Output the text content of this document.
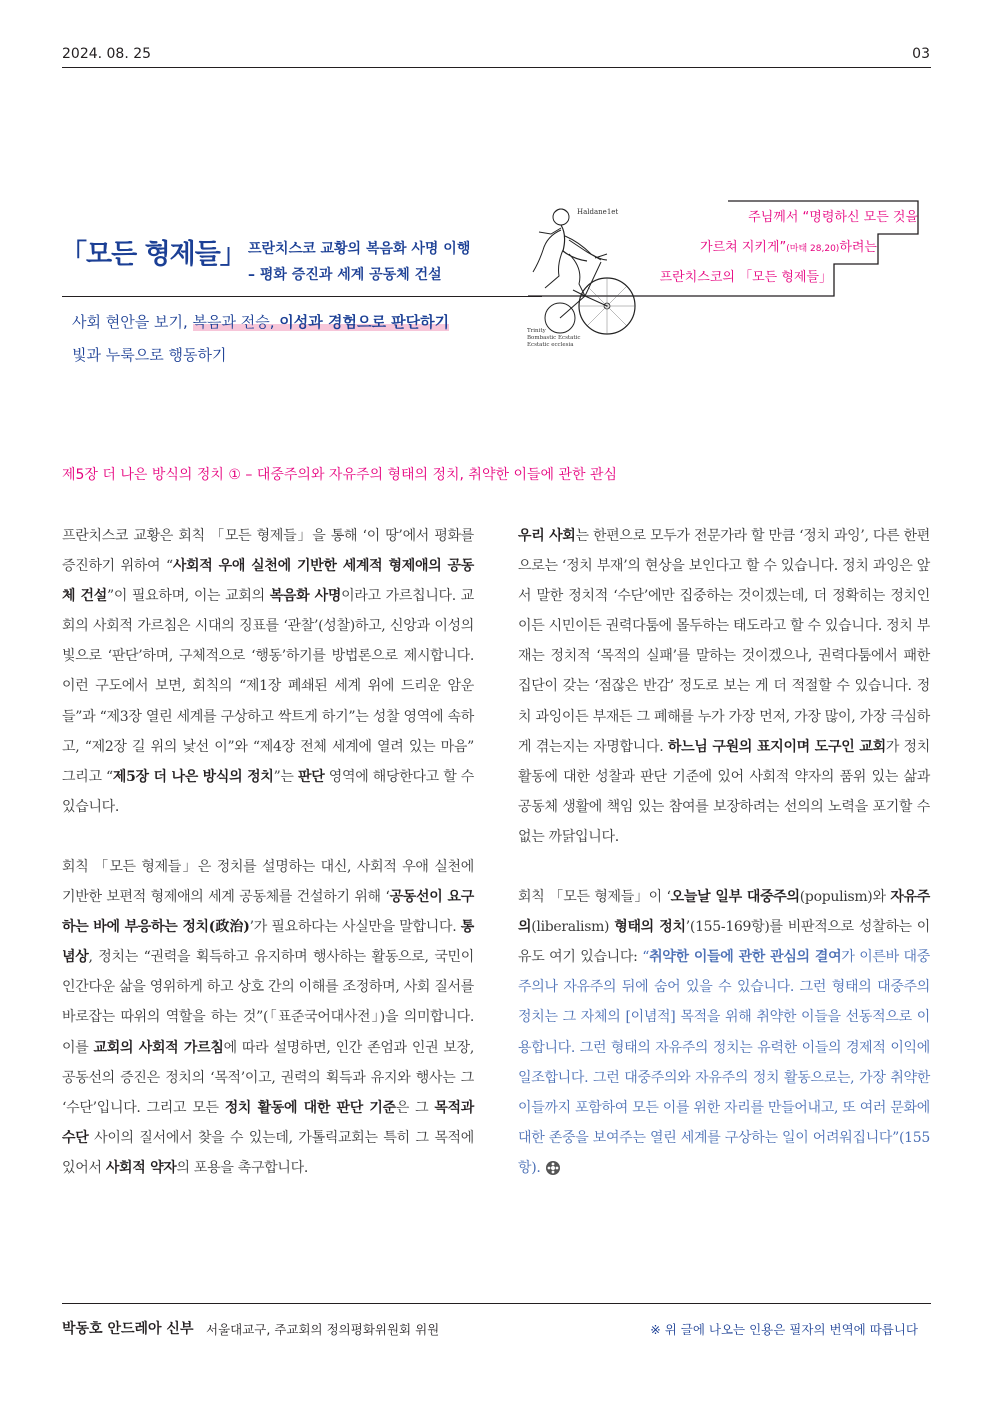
2024. 08. 25	03
「모든 형제들」 프란치스코 교황의 복음화 사명 이행
– 평화 증진과 세계 공동체 건설
사회 현안을 보기, 복음과 전승, 이성과 경험으로 판단하기
빛과 누룩으로 행동하기
주님께서 “명령하신 모든 것을
가르쳐 지키게”(마태 28,20)하려는
프란치스코의 「모든 형제들」
Haldane1et
Trinity
Bombastic Ecstatic
Ecstatic ecclesia
제5장 더 나은 방식의 정치 ① – 대중주의와 자유주의 형태의 정치, 취약한 이들에 관한 관심

프란치스코 교황은 회칙 「모든 형제들」을 통해 ‘이 땅’에서 평화를 증진하기 위하여 “사회적 우애 실천에 기반한 세계적 형제애의 공동체 건설”이 필요하며, 이는 교회의 복음화 사명이라고 가르칩니다. 교회의 사회적 가르침은 시대의 징표를 ‘관찰’(성찰)하고, 신앙과 이성의 빛으로 ‘판단’하며, 구체적으로 ‘행동’하기를 방법론으로 제시합니다. 이런 구도에서 보면, 회칙의 “제1장 폐쇄된 세계 위에 드리운 암운들”과 “제3장 열린 세계를 구상하고 싹트게 하기”는 성찰 영역에 속하고, “제2장 길 위의 낯선 이”와 “제4장 전체 세계에 열려 있는 마음” 그리고 “제5장 더 나은 방식의 정치”는 판단 영역에 해당한다고 할 수 있습니다.

회칙 「모든 형제들」은 정치를 설명하는 대신, 사회적 우애 실천에 기반한 보편적 형제애의 세계 공동체를 건설하기 위해 ‘공동선이 요구하는 바에 부응하는 정치(政治)’가 필요하다는 사실만을 말합니다. 통념상, 정치는 “권력을 획득하고 유지하며 행사하는 활동으로, 국민이 인간다운 삶을 영위하게 하고 상호 간의 이해를 조정하며, 사회 질서를 바로잡는 따위의 역할을 하는 것”(「표준국어대사전」)을 의미합니다. 이를 교회의 사회적 가르침에 따라 설명하면, 인간 존엄과 인권 보장, 공동선의 증진은 정치의 ‘목적’이고, 권력의 획득과 유지와 행사는 그 ‘수단’입니다. 그리고 모든 정치 활동에 대한 판단 기준은 그 목적과 수단 사이의 질서에서 찾을 수 있는데, 가톨릭교회는 특히 그 목적에 있어서 사회적 약자의 포용을 촉구합니다.

우리 사회는 한편으로 모두가 전문가라 할 만큼 ‘정치 과잉’, 다른 한편으로는 ‘정치 부재’의 현상을 보인다고 할 수 있습니다. 정치 과잉은 앞서 말한 정치적 ‘수단’에만 집중하는 것이겠는데, 더 정확히는 정치인이든 시민이든 권력다툼에 몰두하는 태도라고 할 수 있습니다. 정치 부재는 정치적 ‘목적의 실패’를 말하는 것이겠으나, 권력다툼에서 패한 집단이 갖는 ‘점잖은 반감’ 정도로 보는 게 더 적절할 수 있습니다. 정치 과잉이든 부재든 그 폐해를 누가 가장 먼저, 가장 많이, 가장 극심하게 겪는지는 자명합니다. 하느님 구원의 표지이며 도구인 교회가 정치 활동에 대한 성찰과 판단 기준에 있어 사회적 약자의 품위 있는 삶과 공동체 생활에 책임 있는 참여를 보장하려는 선의의 노력을 포기할 수 없는 까닭입니다.

회칙 「모든 형제들」이 ‘오늘날 일부 대중주의(populism)와 자유주의(liberalism) 형태의 정치’(155-169항)를 비판적으로 성찰하는 이유도 여기 있습니다: “취약한 이들에 관한 관심의 결여가 이른바 대중주의나 자유주의 뒤에 숨어 있을 수 있습니다. 그런 형태의 대중주의 정치는 그 자체의 [이념적] 목적을 위해 취약한 이들을 선동적으로 이용합니다. 그런 형태의 자유주의 정치는 유력한 이들의 경제적 이익에 일조합니다. 그런 대중주의와 자유주의 정치 활동으로는, 가장 취약한 이들까지 포함하여 모든 이를 위한 자리를 만들어내고, 또 여러 문화에 대한 존중을 보여주는 열린 세계를 구상하는 일이 어려워집니다”(155항).

박동호 안드레아 신부 서울대교구, 주교회의 정의평화위원회 위원	※ 위 글에 나오는 인용은 필자의 번역에 따릅니다
